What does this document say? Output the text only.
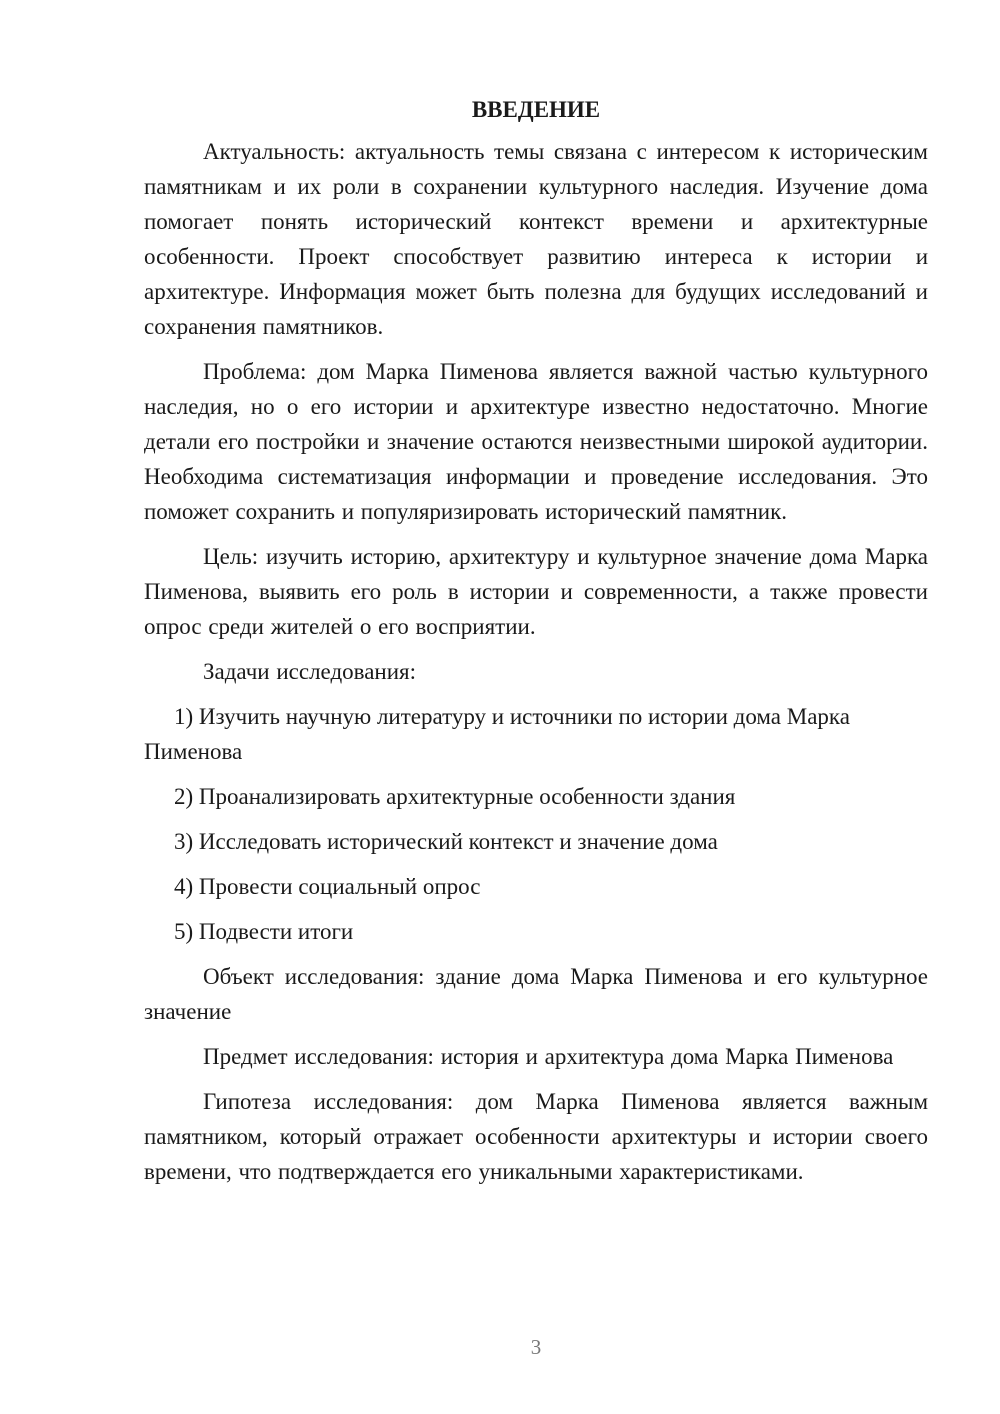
ВВЕДЕНИЕ

Актуальность: актуальность темы связана с интересом к историческим памятникам и их роли в сохранении культурного наследия. Изучение дома помогает понять исторический контекст времени и архитектурные особенности. Проект способствует развитию интереса к истории и архитектуре. Информация может быть полезна для будущих исследований и сохранения памятников.

Проблема: дом Марка Пименова является важной частью культурного наследия, но о его истории и архитектуре известно недостаточно. Многие детали его постройки и значение остаются неизвестными широкой аудитории. Необходима систематизация информации и проведение исследования. Это поможет сохранить и популяризировать исторический памятник.

Цель: изучить историю, архитектуру и культурное значение дома Марка Пименова, выявить его роль в истории и современности, а также провести опрос среди жителей о его восприятии.

Задачи исследования:

1) Изучить научную литературу и источники по истории дома Марка Пименова

2) Проанализировать архитектурные особенности здания

3) Исследовать исторический контекст и значение дома

4) Провести социальный опрос

5) Подвести итоги

Объект исследования: здание дома Марка Пименова и его культурное значение

Предмет исследования: история и архитектура дома Марка Пименова

Гипотеза исследования: дом Марка Пименова является важным памятником, который отражает особенности архитектуры и истории своего времени, что подтверждается его уникальными характеристиками.

3
